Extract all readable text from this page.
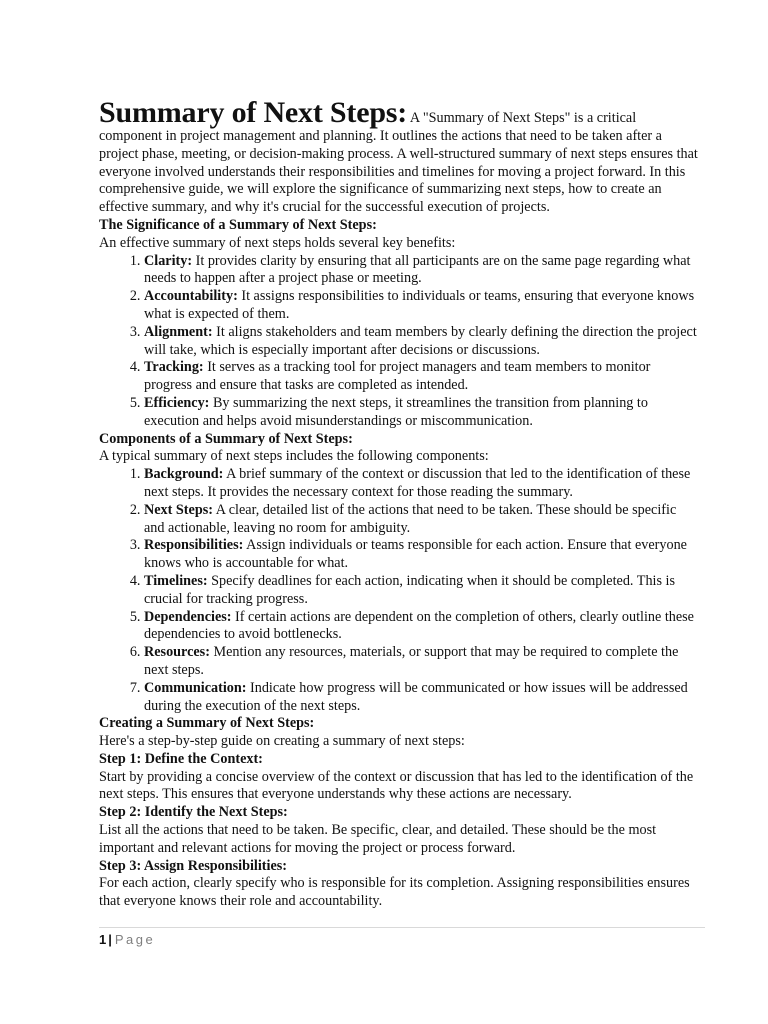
Summary of Next Steps: A "Summary of Next Steps" is a critical component in project management and planning. It outlines the actions that need to be taken after a project phase, meeting, or decision-making process. A well-structured summary of next steps ensures that everyone involved understands their responsibilities and timelines for moving a project forward. In this comprehensive guide, we will explore the significance of summarizing next steps, how to create an effective summary, and why it's crucial for the successful execution of projects.

The Significance of a Summary of Next Steps:

An effective summary of next steps holds several key benefits:

1. Clarity: It provides clarity by ensuring that all participants are on the same page regarding what needs to happen after a project phase or meeting.
2. Accountability: It assigns responsibilities to individuals or teams, ensuring that everyone knows what is expected of them.
3. Alignment: It aligns stakeholders and team members by clearly defining the direction the project will take, which is especially important after decisions or discussions.
4. Tracking: It serves as a tracking tool for project managers and team members to monitor progress and ensure that tasks are completed as intended.
5. Efficiency: By summarizing the next steps, it streamlines the transition from planning to execution and helps avoid misunderstandings or miscommunication.

Components of a Summary of Next Steps:

A typical summary of next steps includes the following components:

1. Background: A brief summary of the context or discussion that led to the identification of these next steps. It provides the necessary context for those reading the summary.
2. Next Steps: A clear, detailed list of the actions that need to be taken. These should be specific and actionable, leaving no room for ambiguity.
3. Responsibilities: Assign individuals or teams responsible for each action. Ensure that everyone knows who is accountable for what.
4. Timelines: Specify deadlines for each action, indicating when it should be completed. This is crucial for tracking progress.
5. Dependencies: If certain actions are dependent on the completion of others, clearly outline these dependencies to avoid bottlenecks.
6. Resources: Mention any resources, materials, or support that may be required to complete the next steps.
7. Communication: Indicate how progress will be communicated or how issues will be addressed during the execution of the next steps.

Creating a Summary of Next Steps:

Here's a step-by-step guide on creating a summary of next steps:

Step 1: Define the Context:

Start by providing a concise overview of the context or discussion that has led to the identification of the next steps. This ensures that everyone understands why these actions are necessary.

Step 2: Identify the Next Steps:

List all the actions that need to be taken. Be specific, clear, and detailed. These should be the most important and relevant actions for moving the project or process forward.

Step 3: Assign Responsibilities:

For each action, clearly specify who is responsible for its completion. Assigning responsibilities ensures that everyone knows their role and accountability.

1 | Page
